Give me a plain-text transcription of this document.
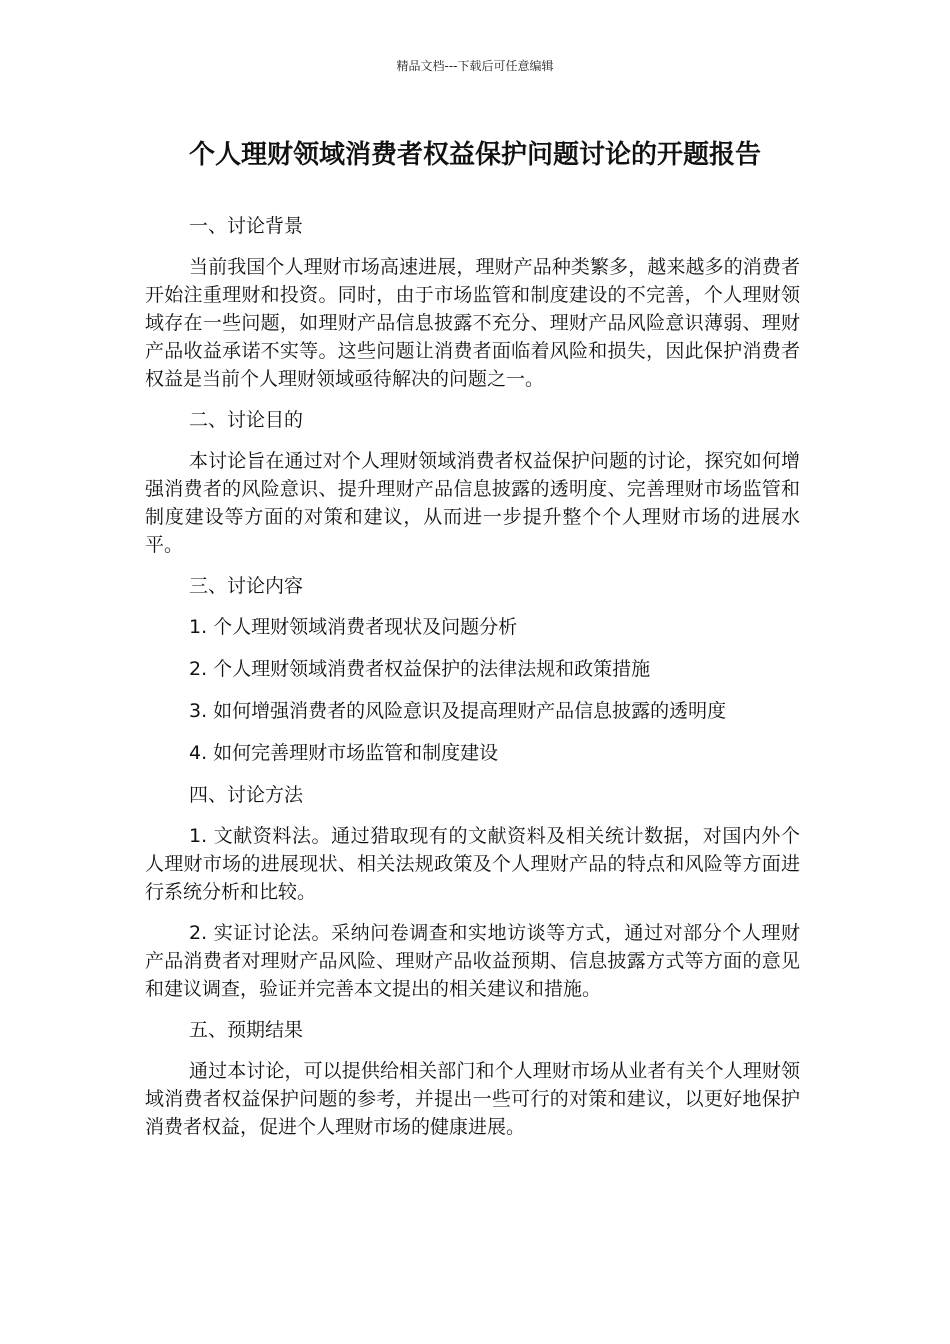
精品文档---下载后可任意编辑
个人理财领域消费者权益保护问题讨论的开题报告

一、讨论背景

当前我国个人理财市场高速进展，理财产品种类繁多，越来越多的消费者开始注重理财和投资。同时，由于市场监管和制度建设的不完善，个人理财领域存在一些问题，如理财产品信息披露不充分、理财产品风险意识薄弱、理财产品收益承诺不实等。这些问题让消费者面临着风险和损失，因此保护消费者权益是当前个人理财领域亟待解决的问题之一。

二、讨论目的

本讨论旨在通过对个人理财领域消费者权益保护问题的讨论，探究如何增强消费者的风险意识、提升理财产品信息披露的透明度、完善理财市场监管和制度建设等方面的对策和建议，从而进一步提升整个个人理财市场的进展水平。

三、讨论内容

1. 个人理财领域消费者现状及问题分析

2. 个人理财领域消费者权益保护的法律法规和政策措施

3. 如何增强消费者的风险意识及提高理财产品信息披露的透明度

4. 如何完善理财市场监管和制度建设

四、讨论方法

1. 文献资料法。通过猎取现有的文献资料及相关统计数据，对国内外个人理财市场的进展现状、相关法规政策及个人理财产品的特点和风险等方面进行系统分析和比较。

2. 实证讨论法。采纳问卷调查和实地访谈等方式，通过对部分个人理财产品消费者对理财产品风险、理财产品收益预期、信息披露方式等方面的意见和建议调查，验证并完善本文提出的相关建议和措施。

五、预期结果

通过本讨论，可以提供给相关部门和个人理财市场从业者有关个人理财领域消费者权益保护问题的参考，并提出一些可行的对策和建议，以更好地保护消费者权益，促进个人理财市场的健康进展。
